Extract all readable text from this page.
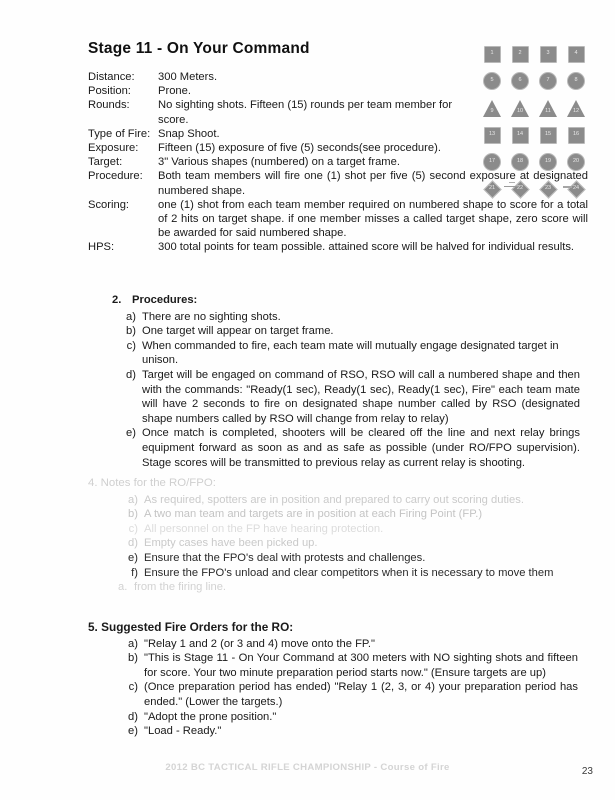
Stage 11 - On Your Command	1	2	3	4
5	6	7	8
9	10	11	12
13	14	15	16
17	18	19	20
21	22	23	24
Distance:	300 Meters.
Position:	Prone.
Rounds:	No sighting shots. Fifteen (15) rounds per team member for score.
Type of Fire: Snap Shoot.
Exposure:	Fifteen (15) exposure of five (5) seconds(see procedure).
Target:	3" Various shapes (numbered) on a target frame.
Procedure:	Both team members will fire one (1) shot per five (5) second exposure at designated numbered shape.
Scoring:	one (1) shot from each team member required on numbered shape to score for a total of 2 hits on target shape. if one member misses a called target shape, zero score will be awarded for said numbered shape.
HPS:	300 total points for team possible. attained score will be halved for individual results.
2. Procedures:
a) There are no sighting shots.
b) One target will appear on target frame.
c) When commanded to fire, each team mate will mutually engage designated target in unison.
d) Target will be engaged on command of RSO, RSO will call a numbered shape and then with the commands: "Ready(1 sec), Ready(1 sec), Ready(1 sec), Fire" each team mate will have 2 seconds to fire on designated shape number called by RSO (designated shape numbers called by RSO will change from relay to relay)
e) Once match is completed, shooters will be cleared off the line and next relay brings equipment forward as soon as and as safe as possible (under RO/FPO supervision). Stage scores will be transmitted to previous relay as current relay is shooting.
4. Notes for the RO/FPO:
a) As required, spotters are in position and prepared to carry out scoring duties.
b) A two man team and targets are in position at each Firing Point (FP.)
c) All personnel on the FP have hearing protection.
d) Empty cases have been picked up.
e) Ensure that the FPO's deal with protests and challenges.
f) Ensure the FPO's unload and clear competitors when it is necessary to move them
a. from the firing line.
5. Suggested Fire Orders for the RO:
a) "Relay 1 and 2 (or 3 and 4) move onto the FP."
b) "This is Stage 11 - On Your Command at 300 meters with NO sighting shots and fifteen for score. Your two minute preparation period starts now." (Ensure targets are up)
c) (Once preparation period has ended) "Relay 1 (2, 3, or 4) your preparation period has ended." (Lower the targets.)
d) "Adopt the prone position."
e) "Load - Ready."
2012 BC TACTICAL RIFLE CHAMPIONSHIP - Course of Fire	23
